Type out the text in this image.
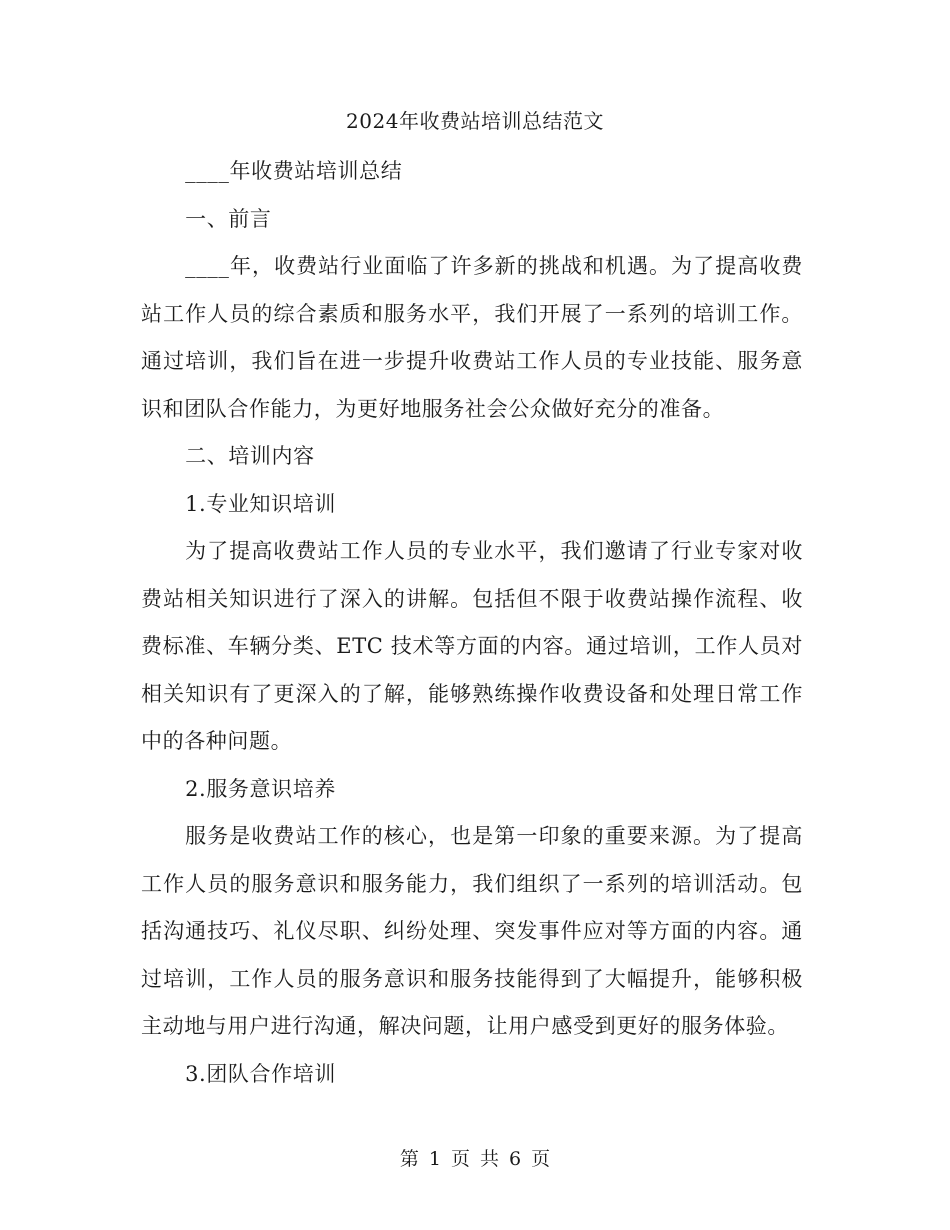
2024年收费站培训总结范文

____年收费站培训总结

一、前言

____年，收费站行业面临了许多新的挑战和机遇。为了提高收费站工作人员的综合素质和服务水平，我们开展了一系列的培训工作。通过培训，我们旨在进一步提升收费站工作人员的专业技能、服务意识和团队合作能力，为更好地服务社会公众做好充分的准备。

二、培训内容

1.专业知识培训

为了提高收费站工作人员的专业水平，我们邀请了行业专家对收费站相关知识进行了深入的讲解。包括但不限于收费站操作流程、收费标准、车辆分类、ETC 技术等方面的内容。通过培训，工作人员对相关知识有了更深入的了解，能够熟练操作收费设备和处理日常工作中的各种问题。

2.服务意识培养

服务是收费站工作的核心，也是第一印象的重要来源。为了提高工作人员的服务意识和服务能力，我们组织了一系列的培训活动。包括沟通技巧、礼仪尽职、纠纷处理、突发事件应对等方面的内容。通过培训，工作人员的服务意识和服务技能得到了大幅提升，能够积极主动地与用户进行沟通，解决问题，让用户感受到更好的服务体验。

3.团队合作培训

第 1 页 共 6 页
